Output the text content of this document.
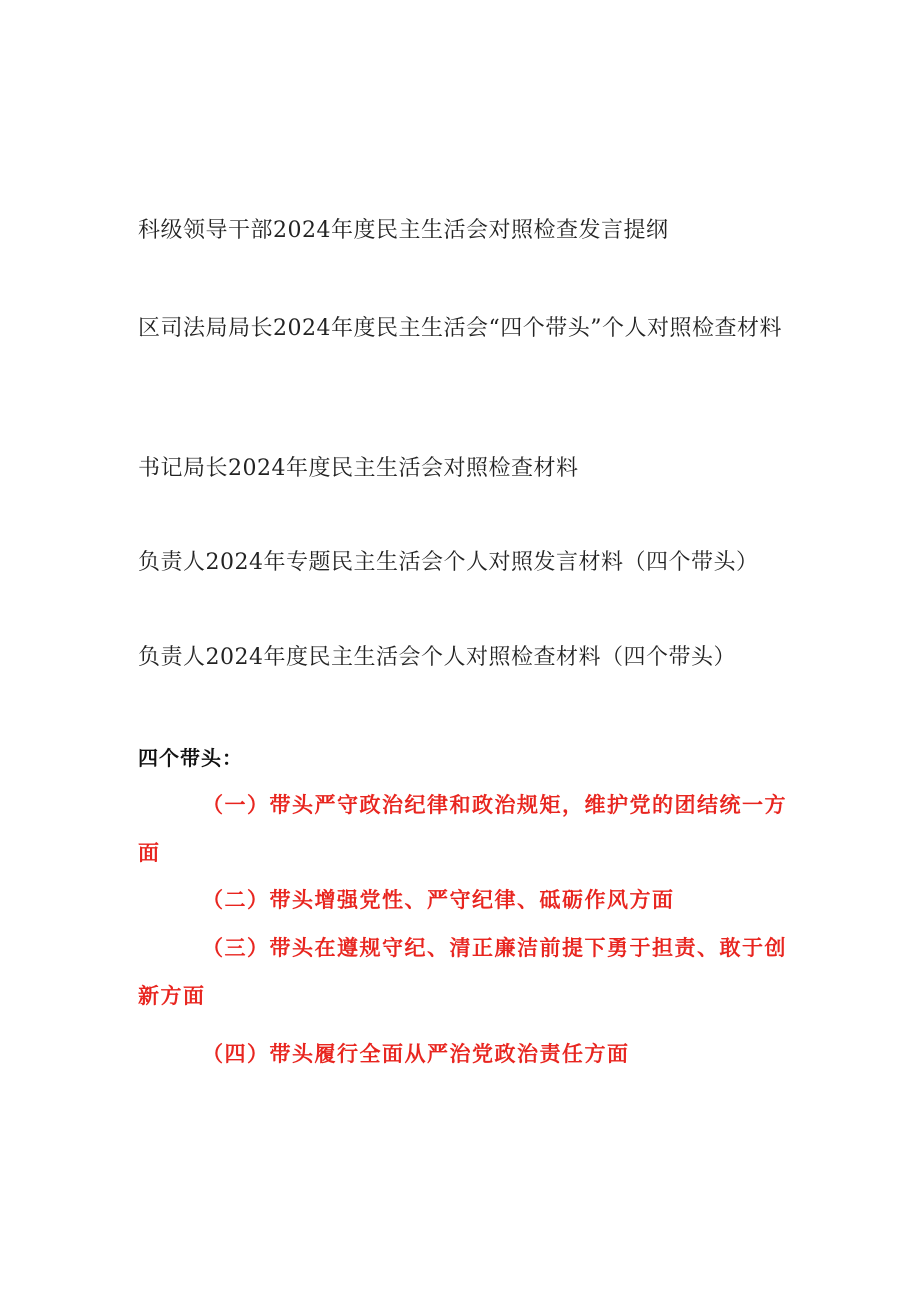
科级领导干部2024年度民主生活会对照检查发言提纲
区司法局局长2024年度民主生活会“四个带头”个人对照检查材料
书记局长2024年度民主生活会对照检查材料
负责人2024年专题民主生活会个人对照发言材料（四个带头）
负责人2024年度民主生活会个人对照检查材料（四个带头）
四个带头：
（一）带头严守政治纪律和政治规矩，维护党的团结统一方面
（二）带头增强党性、严守纪律、砥砺作风方面
（三）带头在遵规守纪、清正廉洁前提下勇于担责、敢于创新方面
（四）带头履行全面从严治党政治责任方面
